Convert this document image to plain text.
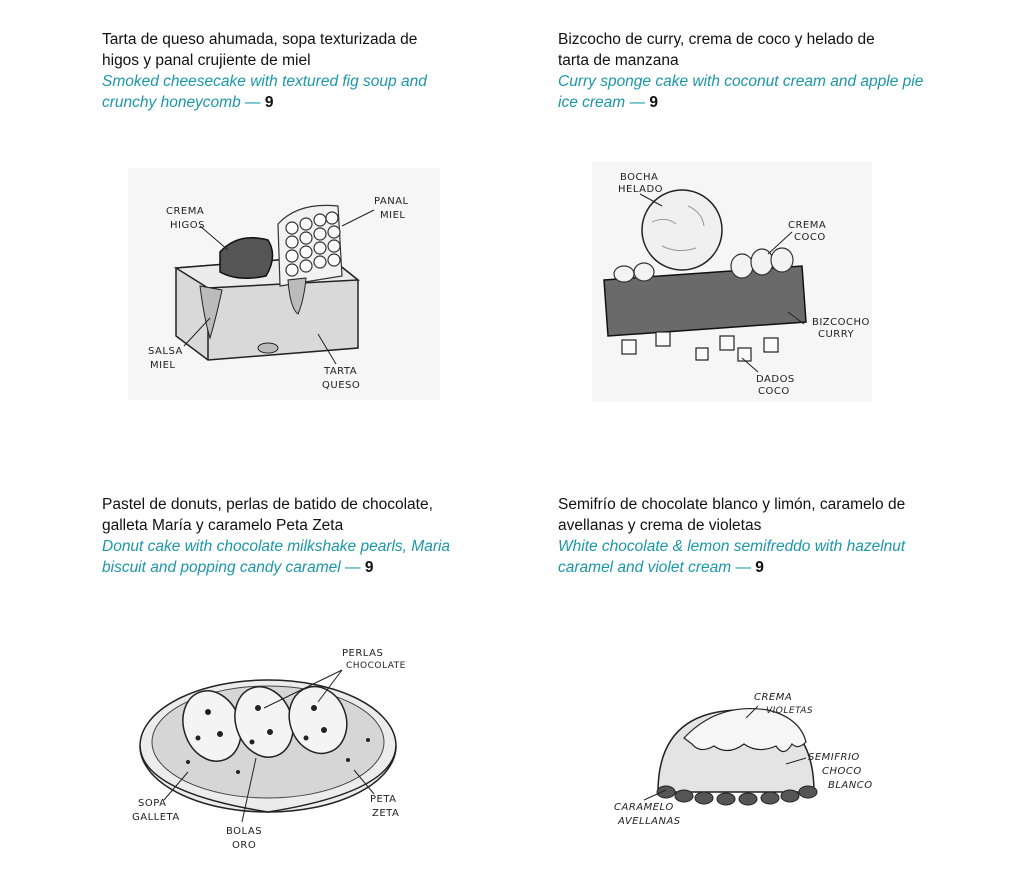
Tarta de queso ahumada, sopa texturizada de
higos y panal crujiente de miel

Smoked cheesecake with textured fig soup and
crunchy honeycomb — 9

CREMA
HIGOS
PANAL
MIEL
SALSA
MIEL
TARTA
QUESO

Bizcocho de curry, crema de coco y helado de
tarta de manzana

Curry sponge cake with coconut cream and apple pie
ice cream — 9

BOCHA
HELADO
CREMA
COCO
BIZCOCHO
CURRY
DADOS
COCO

Pastel de donuts, perlas de batido de chocolate,
galleta María y caramelo Peta Zeta

Donut cake with chocolate milkshake pearls, Maria
biscuit and popping candy caramel — 9

PERLAS
CHOCOLATE
SOPA
GALLETA
PETA
ZETA
BOLAS
ORO

Semifrío de chocolate blanco y limón, caramelo de
avellanas y crema de violetas

White chocolate & lemon semifreddo with hazelnut
caramel and violet cream — 9

CREMA
VIOLETAS
SEMIFRIO
CHOCO
BLANCO
CARAMELO
AVELLANAS
